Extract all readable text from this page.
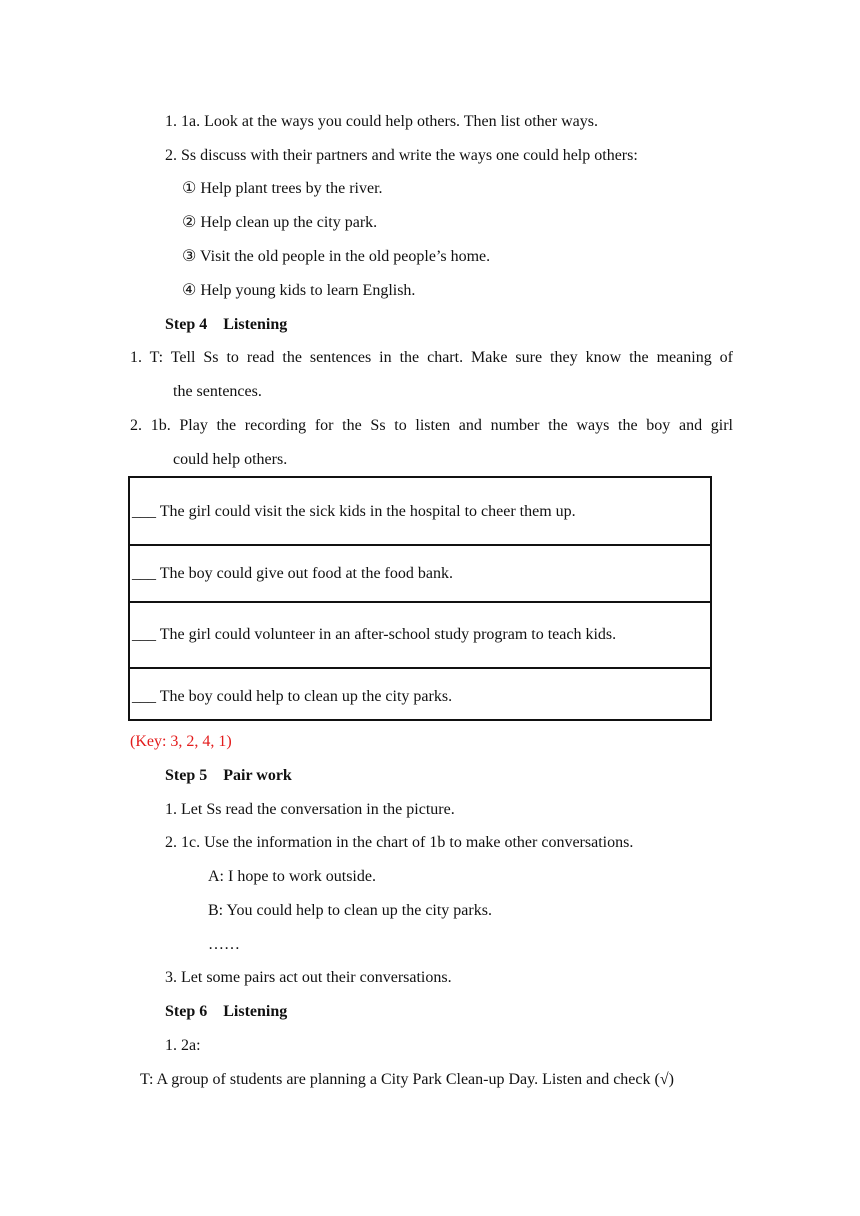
1. 1a. Look at the ways you could help others. Then list other ways.
2. Ss discuss with their partners and write the ways one could help others:
① Help plant trees by the river.
② Help clean up the city park.
③ Visit the old people in the old people’s home.
④ Help young kids to learn English.
Step 4 Listening
1. T: Tell Ss to read the sentences in the chart. Make sure they know the meaning of
the sentences.
2. 1b. Play the recording for the Ss to listen and number the ways the boy and girl
could help others.
___ The girl could visit the sick kids in the hospital to cheer them up.
___ The boy could give out food at the food bank.
___ The girl could volunteer in an after-school study program to teach kids.
___ The boy could help to clean up the city parks.
(Key: 3, 2, 4, 1)
Step 5 Pair work
1. Let Ss read the conversation in the picture.
2. 1c. Use the information in the chart of 1b to make other conversations.
A: I hope to work outside.
B: You could help to clean up the city parks.
……
3. Let some pairs act out their conversations.
Step 6 Listening
1. 2a:
T: A group of students are planning a City Park Clean-up Day. Listen and check (√)
